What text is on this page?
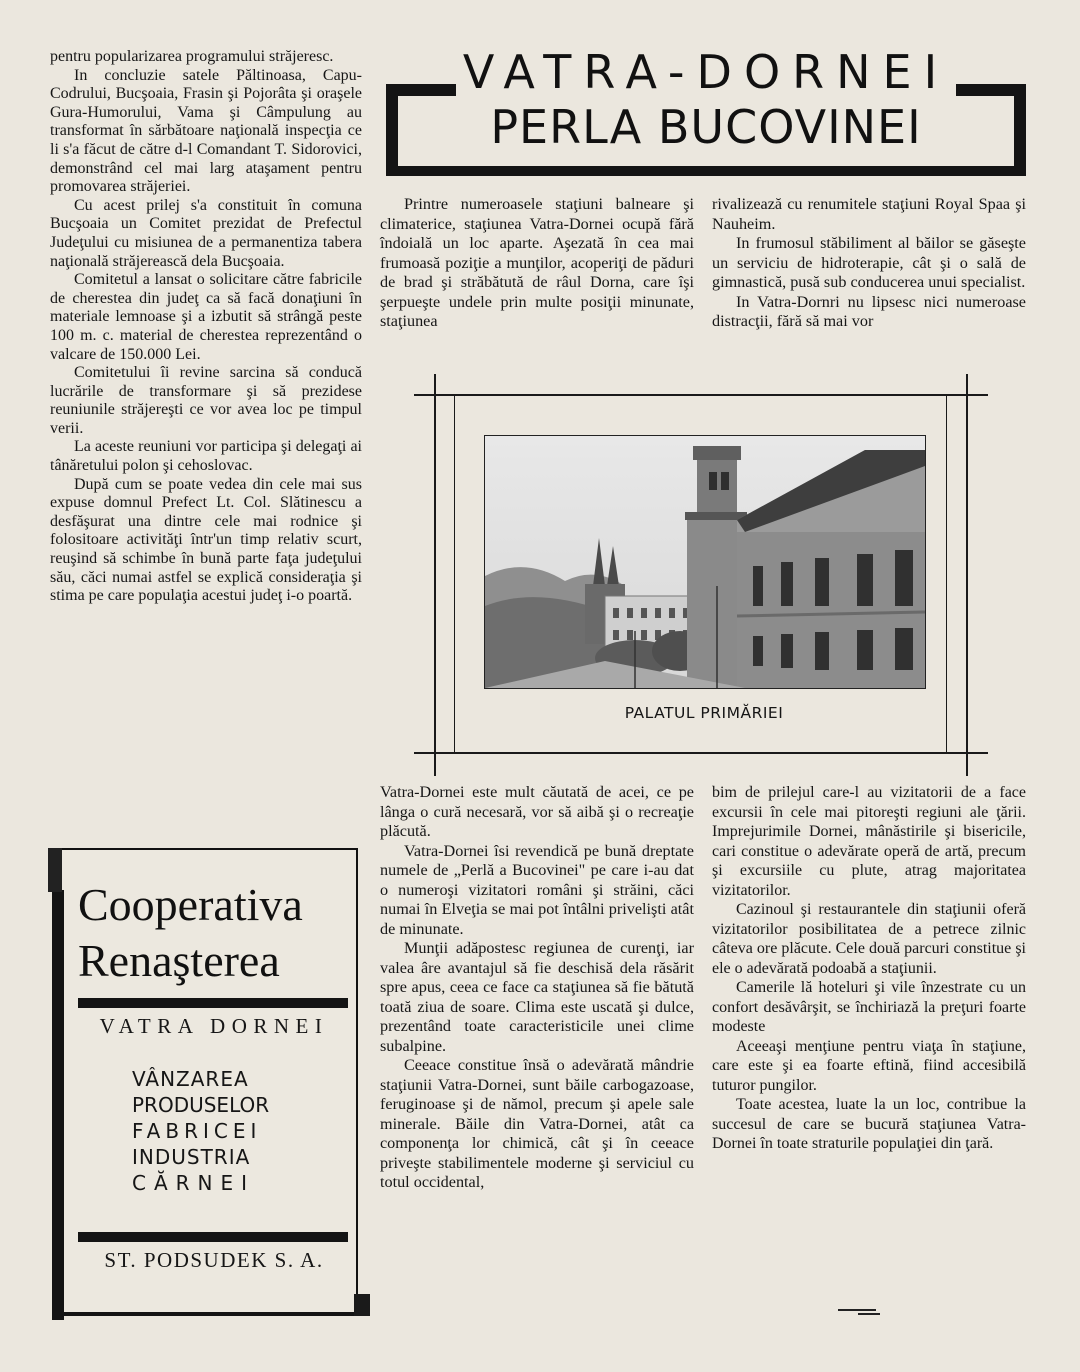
pentru popularizarea programului străjeresc.

In concluzie satele Păltinoasa, Capu-Codrului, Bucşoaia, Frasin şi Pojorâta şi oraşele Gura-Humorului, Vama şi Câmpulung au transformat în sărbătoare naţională inspecţia ce li s'a făcut de către d-l Comandant T. Sidorovici, demonstrând cel mai larg ataşament pentru promovarea străjeriei.

Cu acest prilej s'a constituit în comuna Bucşoaia un Comitet prezidat de Prefectul Judeţului cu misiunea de a permanentiza tabera naţională străjerească dela Bucşoaia.

Comitetul a lansat o solicitare către fabricile de cherestea din judeţ ca să facă donaţiuni în materiale lemnoase şi a izbutit să strângă peste 100 m. c. material de cherestea reprezentând o valcare de 150.000 Lei.

Comitetului îi revine sarcina să conducă lucrările de transformare şi să prezidese reuniunile străjereşti ce vor avea loc pe timpul verii.

La aceste reuniuni vor participa şi delegaţi ai tânăretului polon şi cehoslovac.

După cum se poate vedea din cele mai sus expuse domnul Prefect Lt. Col. Slătinescu a desfăşurat una dintre cele mai rodnice şi folositoare activităţi într'un timp relativ scurt, reuşind să schimbe în bună parte faţa judeţului său, căci numai astfel se explică consideraţia şi stima pe care populaţia acestui judeţ i-o poartă.

VATRA-DORNEI
PERLA BUCOVINEI

Printre numeroasele staţiuni balneare şi climaterice, staţiunea Vatra-Dornei ocupă fără îndoială un loc aparte. Aşezată în cea mai frumoasă poziţie a munţilor, acoperiţi de păduri de brad şi străbătută de râul Dorna, care îşi şerpueşte undele prin multe posiţii minunate, staţiunea

rivalizează cu renumitele staţiuni Royal Spaa şi Nauheim.

In frumosul stăbiliment al băilor se găseşte un serviciu de hidroterapie, cât şi o sală de gimnastică, pusă sub conducerea unui specialist.

In Vatra-Dornri nu lipsesc nici numeroase distracţii, fără să mai vor

PALATUL PRIMĂRIEI

Vatra-Dornei este mult căutată de acei, ce pe lânga o cură necesară, vor să aibă şi o recreaţie plăcută.

Vatra-Dornei îsi revendică pe bună dreptate numele de „Perlă a Bucovinei" pe care i-au dat o numeroşi vizitatori români şi străini, căci numai în Elveţia se mai pot întâlni privelişti atât de minunate.

Munţii adăpostesc regiunea de curenţi, iar valea âre avantajul să fie deschisă dela răsărit spre apus, ceea ce face ca staţiunea să fie bătută toată ziua de soare. Clima este uscată şi dulce, prezentând toate caracteristicile unei clime subalpine.

Ceeace constitue însă o adevărată mândrie staţiunii Vatra-Dornei, sunt băile carbogazoase, feruginoase şi de nămol, precum şi apele sale minerale. Băile din Vatra-Dornei, atât ca componenţa lor chimică, cât şi în ceeace priveşte stabilimentele moderne şi serviciul cu totul occidental,

bim de prilejul care-l au vizitatorii de a face excursii în cele mai pitoreşti regiuni ale ţării. Imprejurimile Dornei, mânăstirile şi bisericile, cari constitue o adevărate operă de artă, precum şi excursiile cu plute, atrag majoritatea vizitatorilor.

Cazinoul şi restaurantele din staţiunii oferă vizitatorilor posibilitatea de a petrece zilnic câteva ore plăcute. Cele două parcuri constitue şi ele o adevărată podoabă a staţiunii.

Camerile lă hoteluri şi vile înzestrate cu un confort desăvârşit, se închiriază la preţuri foarte modeste

Aceeaşi menţiune pentru viaţa în staţiune, care este şi ea foarte eftină, fiind accesibilă tuturor pungilor.

Toate acestea, luate la un loc, contribue la succesul de care se bucură staţiunea Vatra-Dornei în toate straturile populaţiei din ţară.

Cooperativa
Renaşterea
VATRA DORNEI
VÂNZAREA
PRODUSELOR
FABRICEI
INDUSTRIA
CĂRNEI
ST. PODSUDEK S. A.
